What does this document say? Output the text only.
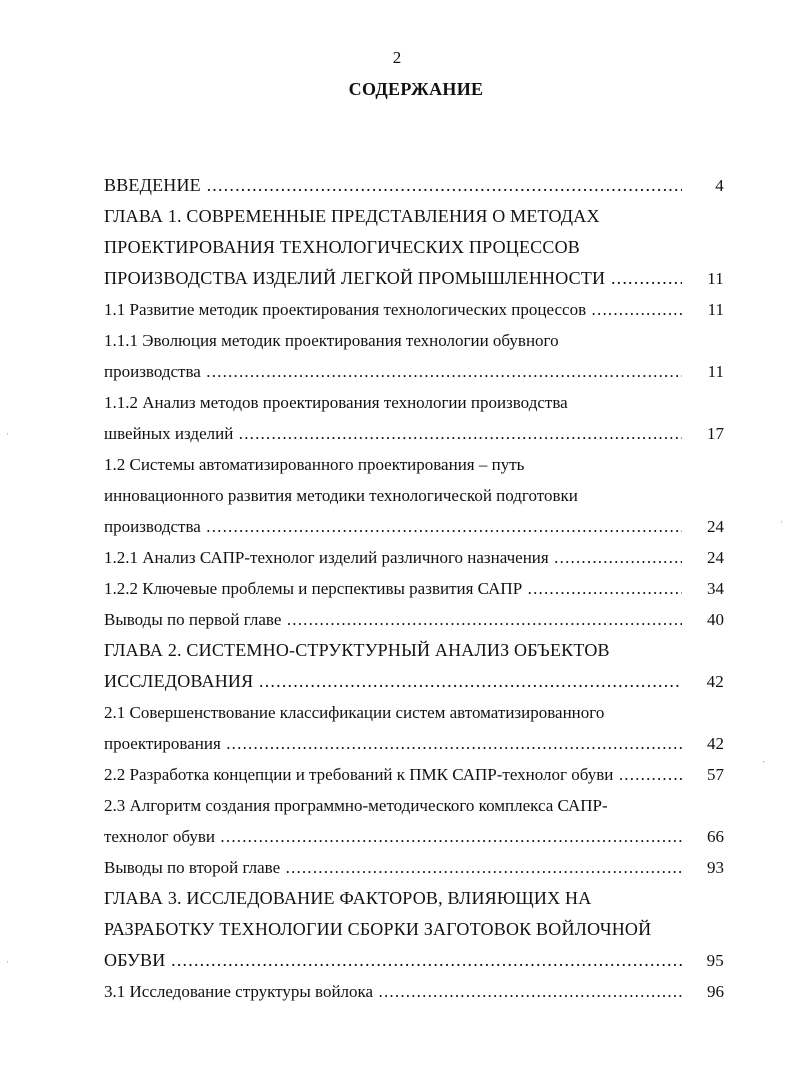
2
СОДЕРЖАНИЕ
ВВЕДЕНИЕ .....	4
ГЛАВА 1. СОВРЕМЕННЫЕ ПРЕДСТАВЛЕНИЯ О МЕТОДАХ
ПРОЕКТИРОВАНИЯ ТЕХНОЛОГИЧЕСКИХ ПРОЦЕССОВ
ПРОИЗВОДСТВА ИЗДЕЛИЙ ЛЕГКОЙ ПРОМЫШЛЕННОСТИ .....	11
1.1 Развитие методик проектирования технологических процессов .....	11
1.1.1 Эволюция методик проектирования технологии обувного
производства .....	11
1.1.2 Анализ методов проектирования технологии производства
швейных изделий .....	17
1.2 Системы автоматизированного проектирования – путь
инновационного развития методики технологической подготовки
производства .....	24
1.2.1 Анализ САПР-технолог изделий различного назначения .....	24
1.2.2 Ключевые проблемы и перспективы развития САПР .....	34
Выводы по первой главе .....	40
ГЛАВА 2. СИСТЕМНО-СТРУКТУРНЫЙ АНАЛИЗ ОБЪЕКТОВ
ИССЛЕДОВАНИЯ .....	42
2.1 Совершенствование классификации систем автоматизированного
проектирования .....	42
2.2 Разработка концепции и требований к ПМК САПР-технолог обуви .....	57
2.3 Алгоритм создания программно-методического комплекса САПР-
технолог обуви .....	66
Выводы по второй главе .....	93
ГЛАВА 3. ИССЛЕДОВАНИЕ ФАКТОРОВ, ВЛИЯЮЩИХ НА
РАЗРАБОТКУ ТЕХНОЛОГИИ СБОРКИ ЗАГОТОВОК ВОЙЛОЧНОЙ
ОБУВИ .....	95
3.1 Исследование структуры войлока .....	96
ˈ
ˈ
ˏ
ˈ
